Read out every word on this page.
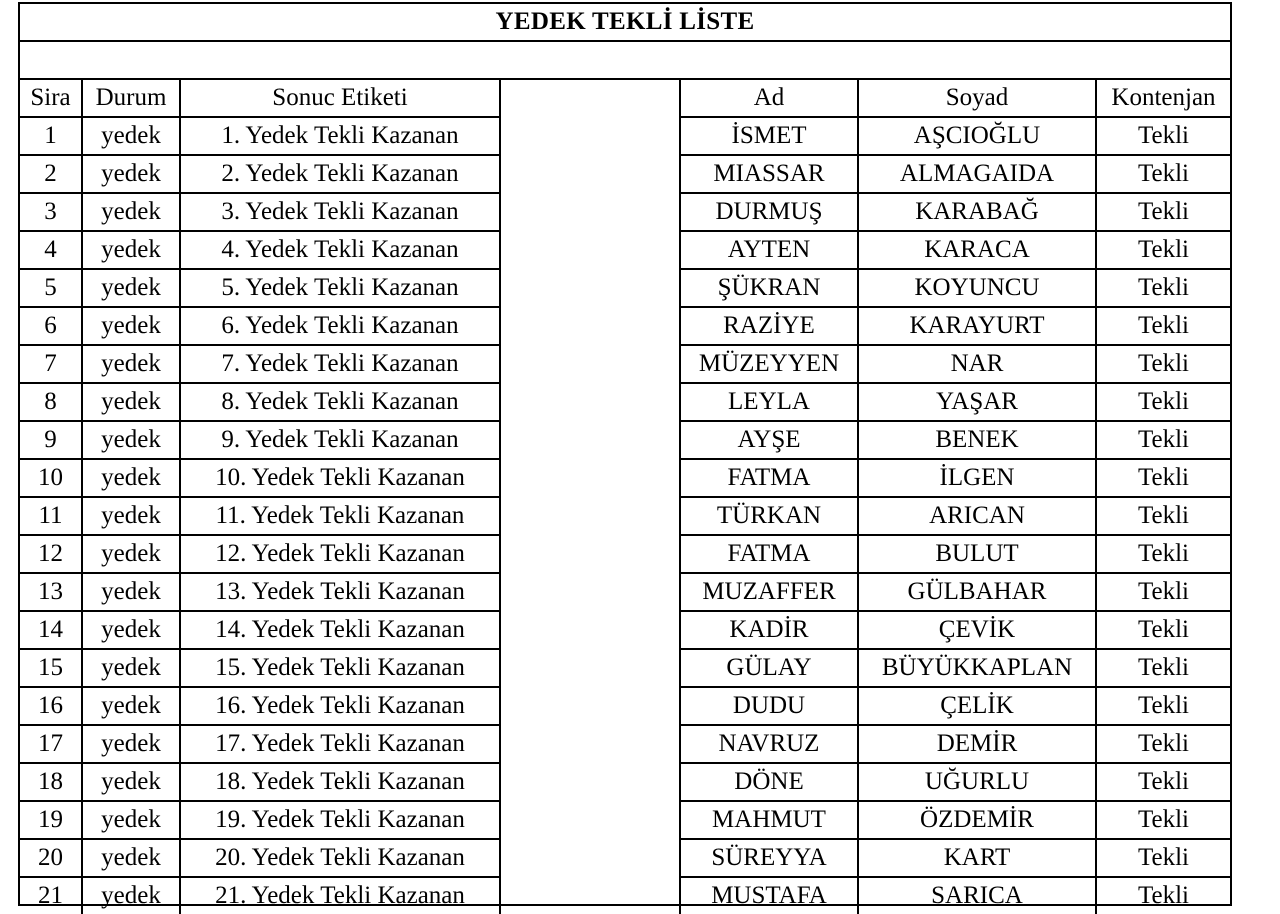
YEDEK TEKLİ LİSTE
Sira	Durum	Sonuc Etiketi		Ad	Soyad	Kontenjan
1	yedek	1. Yedek Tekli Kazanan		İSMET	AŞCIOĞLU	Tekli
2	yedek	2. Yedek Tekli Kazanan		MIASSAR	ALMAGAIDA	Tekli
3	yedek	3. Yedek Tekli Kazanan		DURMUŞ	KARABAĞ	Tekli
4	yedek	4. Yedek Tekli Kazanan		AYTEN	KARACA	Tekli
5	yedek	5. Yedek Tekli Kazanan		ŞÜKRAN	KOYUNCU	Tekli
6	yedek	6. Yedek Tekli Kazanan		RAZİYE	KARAYURT	Tekli
7	yedek	7. Yedek Tekli Kazanan		MÜZEYYEN	NAR	Tekli
8	yedek	8. Yedek Tekli Kazanan		LEYLA	YAŞAR	Tekli
9	yedek	9. Yedek Tekli Kazanan		AYŞE	BENEK	Tekli
10	yedek	10. Yedek Tekli Kazanan		FATMA	İLGEN	Tekli
11	yedek	11. Yedek Tekli Kazanan		TÜRKAN	ARICAN	Tekli
12	yedek	12. Yedek Tekli Kazanan		FATMA	BULUT	Tekli
13	yedek	13. Yedek Tekli Kazanan		MUZAFFER	GÜLBAHAR	Tekli
14	yedek	14. Yedek Tekli Kazanan		KADİR	ÇEVİK	Tekli
15	yedek	15. Yedek Tekli Kazanan		GÜLAY	BÜYÜKKAPLAN	Tekli
16	yedek	16. Yedek Tekli Kazanan		DUDU	ÇELİK	Tekli
17	yedek	17. Yedek Tekli Kazanan		NAVRUZ	DEMİR	Tekli
18	yedek	18. Yedek Tekli Kazanan		DÖNE	UĞURLU	Tekli
19	yedek	19. Yedek Tekli Kazanan		MAHMUT	ÖZDEMİR	Tekli
20	yedek	20. Yedek Tekli Kazanan		SÜREYYA	KART	Tekli
21	yedek	21. Yedek Tekli Kazanan		MUSTAFA	SARICA	Tekli
